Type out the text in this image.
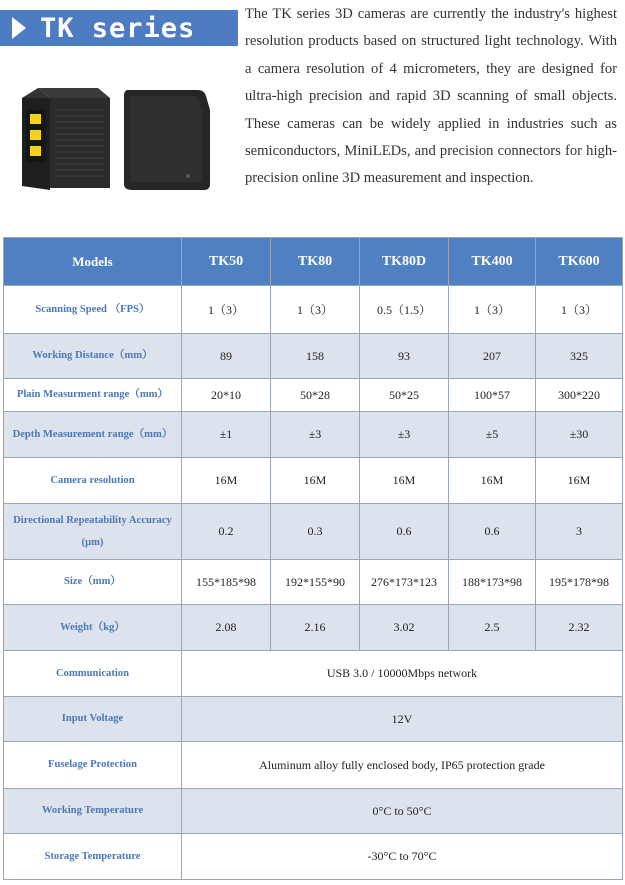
TK series	The TK series 3D cameras are currently the industry's highest resolution products based on structured light technology. With a camera resolution of 4 micrometers, they are designed for ultra-high precision and rapid 3D scanning of small objects. These cameras can be widely applied in industries such as semiconductors, MiniLEDs, and precision connectors for high-precision online 3D measurement and inspection.

Models	TK50	TK80	TK80D	TK400	TK600
Scanning Speed （FPS）	1（3）	1（3）	0.5（1.5）	1（3）	1（3）
Working Distance（mm）	89	158	93	207	325
Plain Measurment range（mm）	20*10	50*28	50*25	100*57	300*220
Depth Measurement range（mm）	±1	±3	±3	±5	±30
Camera resolution	16M	16M	16M	16M	16M
Directional Repeatability Accuracy (μm)	0.2	0.3	0.6	0.6	3
Size（mm）	155*185*98	192*155*90	276*173*123	188*173*98	195*178*98
Weight（kg）	2.08	2.16	3.02	2.5	2.32
Communication	USB 3.0 / 10000Mbps network				
Input Voltage	12V				
Fuselage Protection	Aluminum alloy fully enclosed body, IP65 protection grade				
Working Temperature	0°C to 50°C				
Storage Temperature	-30°C to 70°C				
